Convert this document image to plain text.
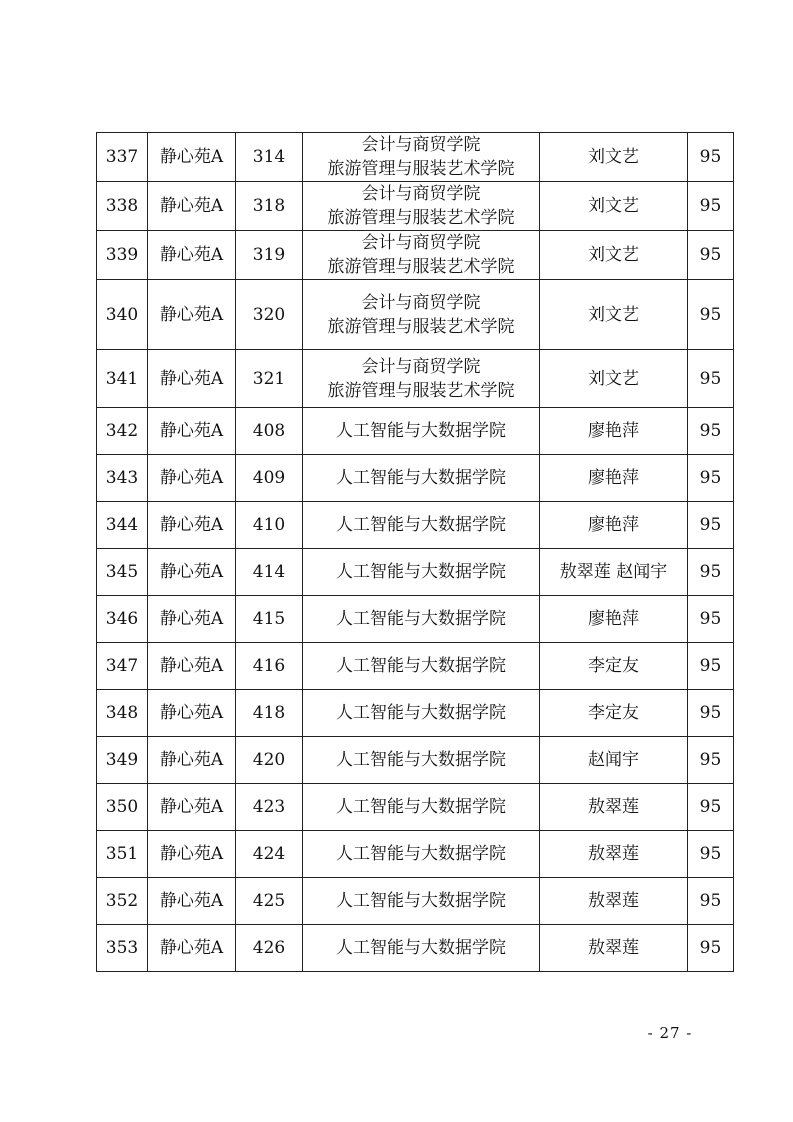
337	静心苑A	314	会计与商贸学院
旅游管理与服装艺术学院	刘文艺	95
338	静心苑A	318	会计与商贸学院
旅游管理与服装艺术学院	刘文艺	95
339	静心苑A	319	会计与商贸学院
旅游管理与服装艺术学院	刘文艺	95
340	静心苑A	320	会计与商贸学院
旅游管理与服装艺术学院	刘文艺	95
341	静心苑A	321	会计与商贸学院
旅游管理与服装艺术学院	刘文艺	95
342	静心苑A	408	人工智能与大数据学院	廖艳萍	95
343	静心苑A	409	人工智能与大数据学院	廖艳萍	95
344	静心苑A	410	人工智能与大数据学院	廖艳萍	95
345	静心苑A	414	人工智能与大数据学院	敖翠莲 赵闻宇	95
346	静心苑A	415	人工智能与大数据学院	廖艳萍	95
347	静心苑A	416	人工智能与大数据学院	李定友	95
348	静心苑A	418	人工智能与大数据学院	李定友	95
349	静心苑A	420	人工智能与大数据学院	赵闻宇	95
350	静心苑A	423	人工智能与大数据学院	敖翠莲	95
351	静心苑A	424	人工智能与大数据学院	敖翠莲	95
352	静心苑A	425	人工智能与大数据学院	敖翠莲	95
353	静心苑A	426	人工智能与大数据学院	敖翠莲	95
- 27 -
